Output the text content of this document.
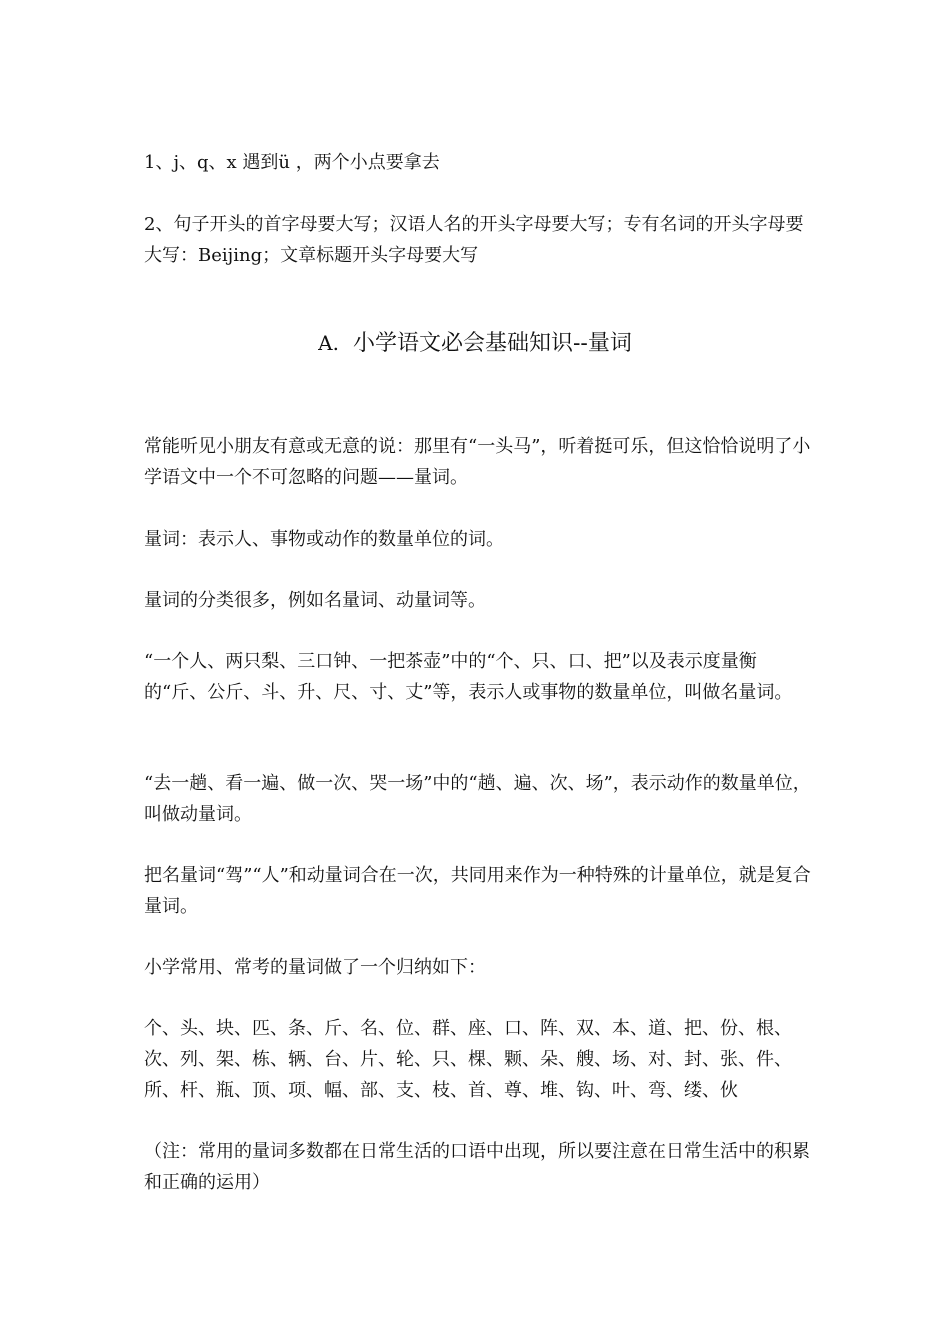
1、j、q、x 遇到ü ，两个小点要拿去

2、句子开头的首字母要大写；汉语人名的开头字母要大写；专有名词的开头字母要大写：Beijing；文章标题开头字母要大写

A. 小学语文必会基础知识--量词

常能听见小朋友有意或无意的说：那里有“一头马”，听着挺可乐，但这恰恰说明了小学语文中一个不可忽略的问题——量词。

量词：表示人、事物或动作的数量单位的词。

量词的分类很多，例如名量词、动量词等。

“一个人、两只梨、三口钟、一把茶壶”中的“个、只、口、把”以及表示度量衡的“斤、公斤、斗、升、尺、寸、丈”等，表示人或事物的数量单位，叫做名量词。

“去一趟、看一遍、做一次、哭一场”中的“趟、遍、次、场”，表示动作的数量单位，叫做动量词。

把名量词“驾”“人”和动量词合在一次，共同用来作为一种特殊的计量单位，就是复合量词。

小学常用、常考的量词做了一个归纳如下：

个、头、块、匹、条、斤、名、位、群、座、口、阵、双、本、道、把、份、根、次、列、架、栋、辆、台、片、轮、只、棵、颗、朵、艘、场、对、封、张、件、所、杆、瓶、顶、项、幅、部、支、枝、首、尊、堆、钩、叶、弯、缕、伙

（注：常用的量词多数都在日常生活的口语中出现，所以要注意在日常生活中的积累和正确的运用）
